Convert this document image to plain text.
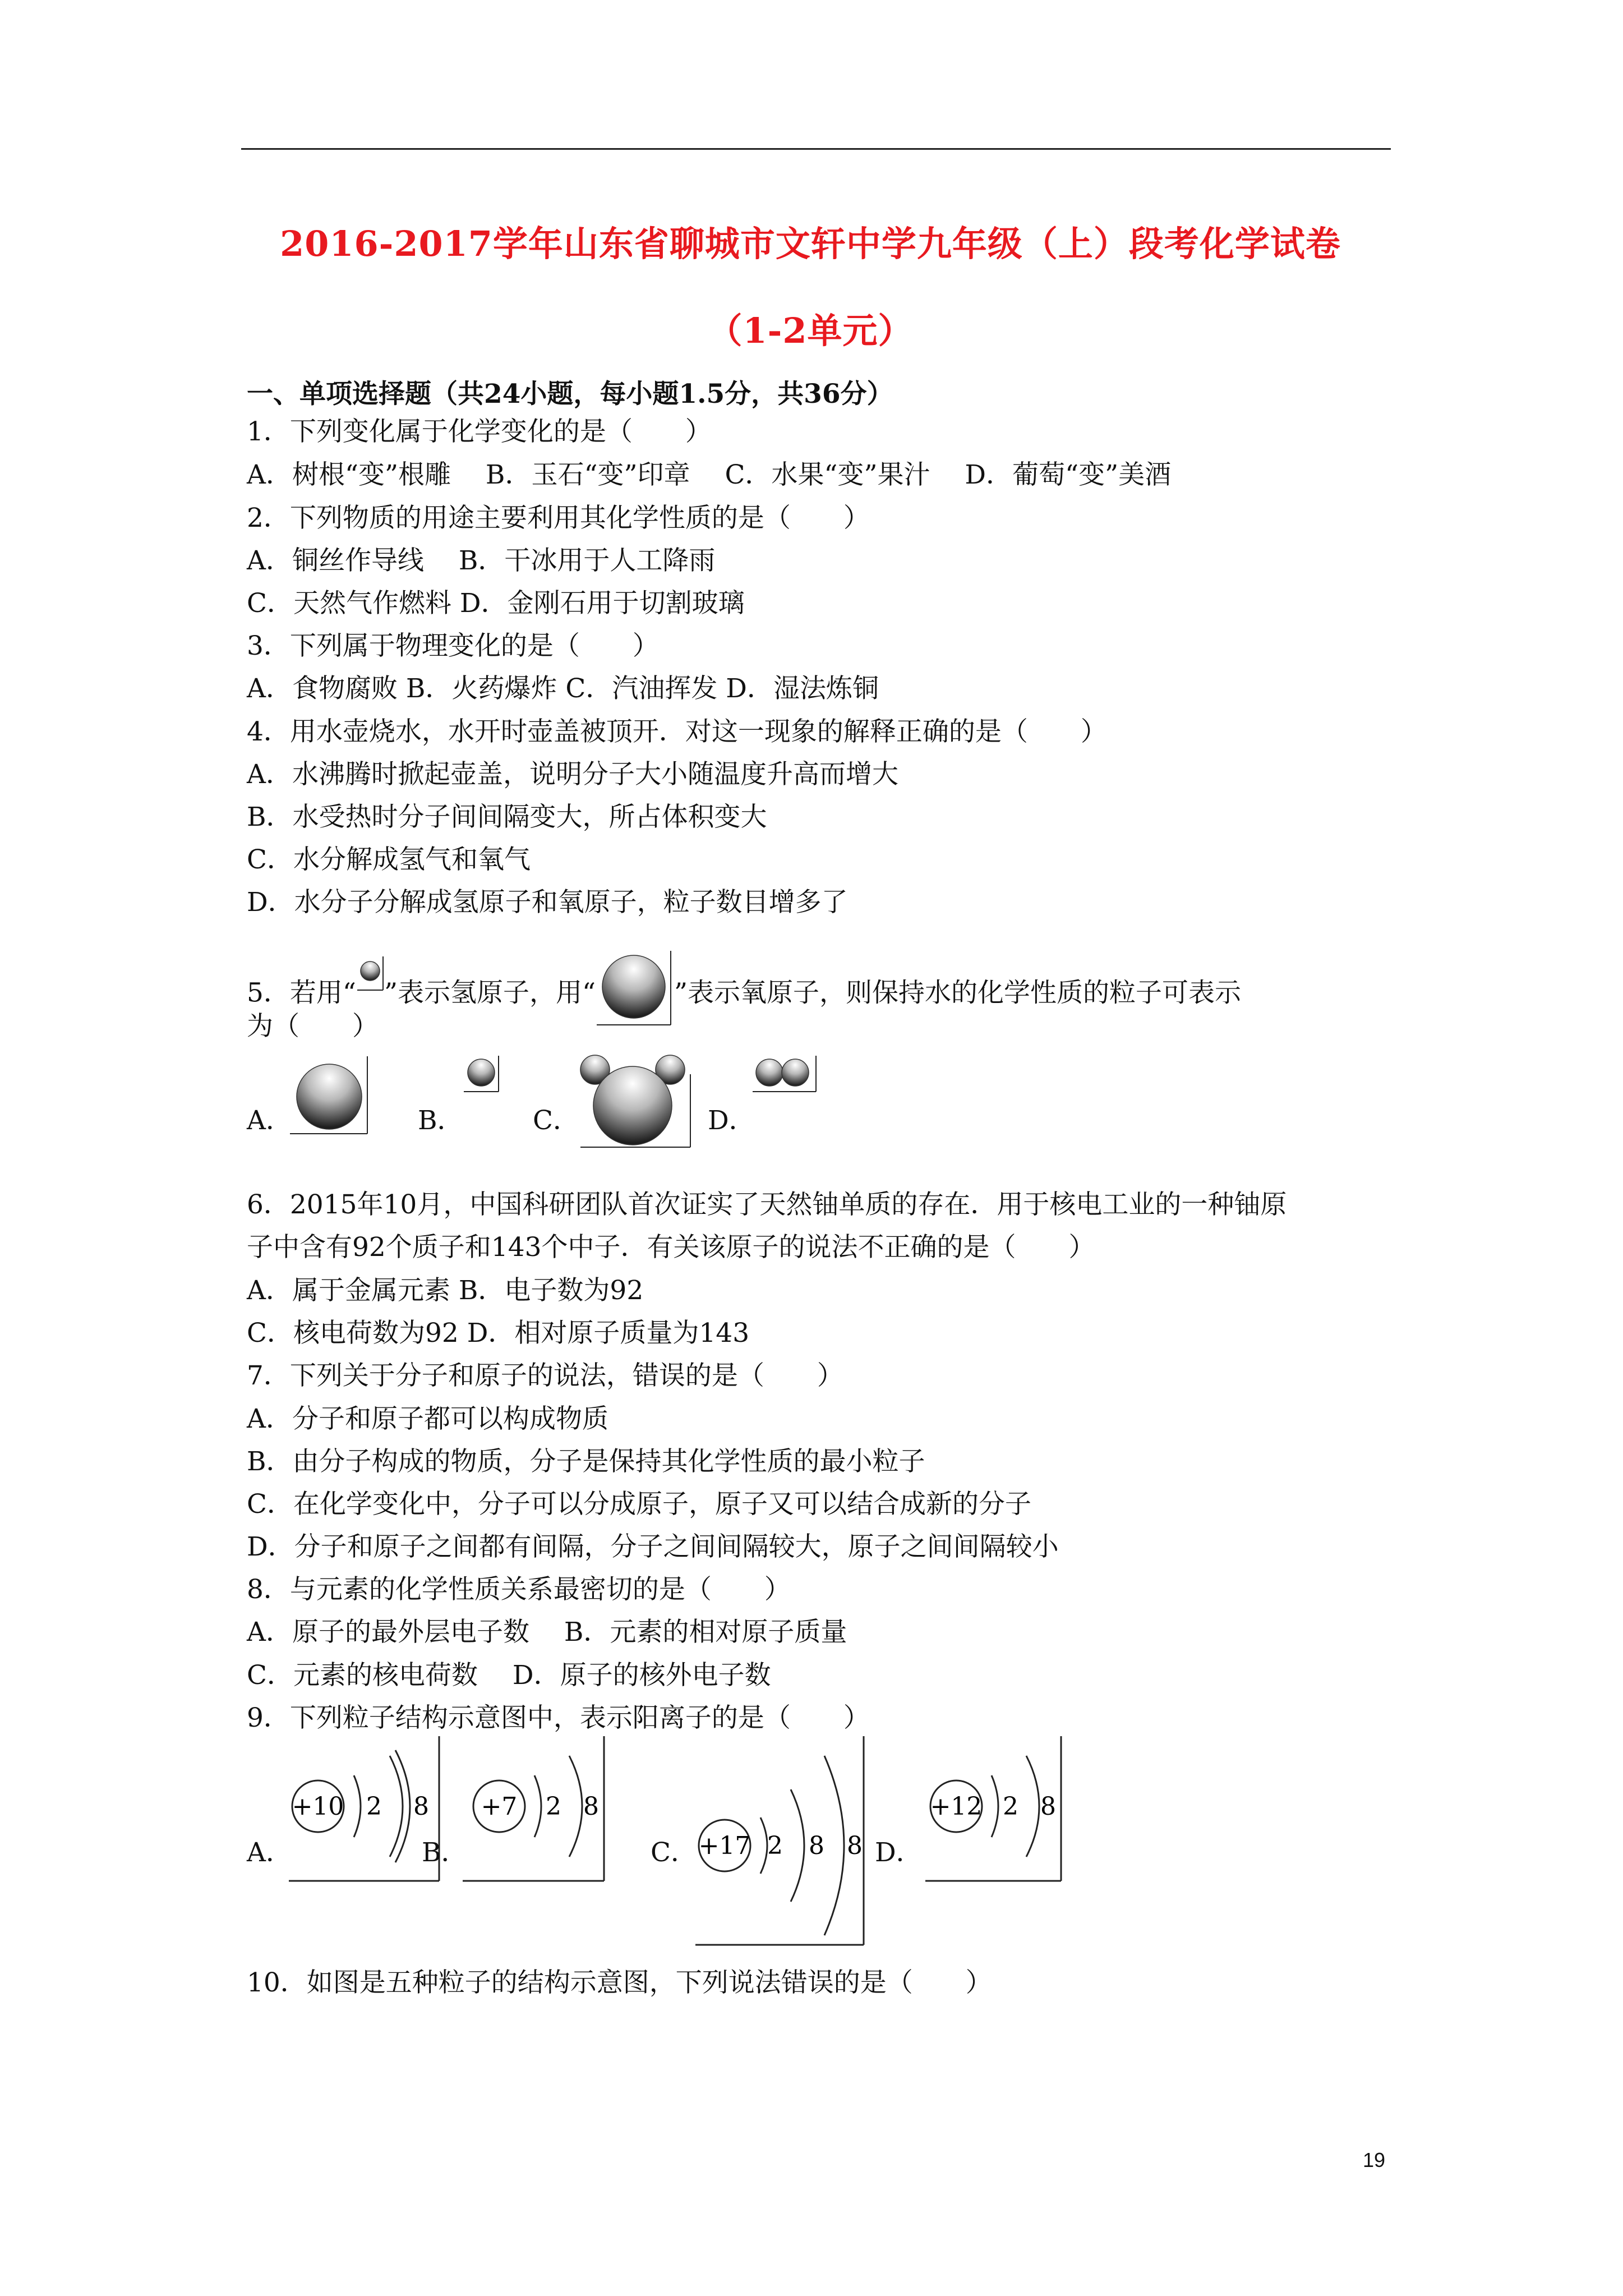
2016-2017学年山东省聊城市文轩中学九年级（上）段考化学试卷
（1-2单元）
一、单项选择题（共24小题，每小题1.5分，共36分）
1．下列变化属于化学变化的是（　　）
A．树根“变”根雕　 B．玉石“变”印章　 C．水果“变”果汁　 D．葡萄“变”美酒
2．下列物质的用途主要利用其化学性质的是（　　）
A．铜丝作导线　 B．干冰用于人工降雨
C．天然气作燃料 D．金刚石用于切割玻璃
3．下列属于物理变化的是（　　）
A．食物腐败 B．火药爆炸 C．汽油挥发 D．湿法炼铜
4．用水壶烧水，水开时壶盖被顶开．对这一现象的解释正确的是（　　）
A．水沸腾时掀起壶盖，说明分子大小随温度升高而增大
B．水受热时分子间间隔变大，所占体积变大
C．水分解成氢气和氧气
D．水分子分解成氢原子和氧原子，粒子数目增多了
5．若用“ ”表示氢原子，用“	”表示氧原子，则保持水的化学性质的粒子可表示
为（　　）
A．	B．	C．	D．
6．2015年10月，中国科研团队首次证实了天然铀单质的存在．用于核电工业的一种铀原
子中含有92个质子和143个中子．有关该原子的说法不正确的是（　　）
A．属于金属元素 B．电子数为92
C．核电荷数为92 D．相对原子质量为143
7．下列关于分子和原子的说法，错误的是（　　）
A．分子和原子都可以构成物质
B．由分子构成的物质，分子是保持其化学性质的最小粒子
C．在化学变化中，分子可以分成原子，原子又可以结合成新的分子
D．分子和原子之间都有间隔，分子之间间隔较大，原子之间间隔较小
8．与元素的化学性质关系最密切的是（　　）
A．原子的最外层电子数　 B．元素的相对原子质量
C．元素的核电荷数　 D．原子的核外电子数
9．下列粒子结构示意图中，表示阳离子的是（　　）
A．
+10 2 8
B．
+7 2 8
C． +17 2 8 8 D．
+12 2 8
10．如图是五种粒子的结构示意图，下列说法错误的是（　　）
19
